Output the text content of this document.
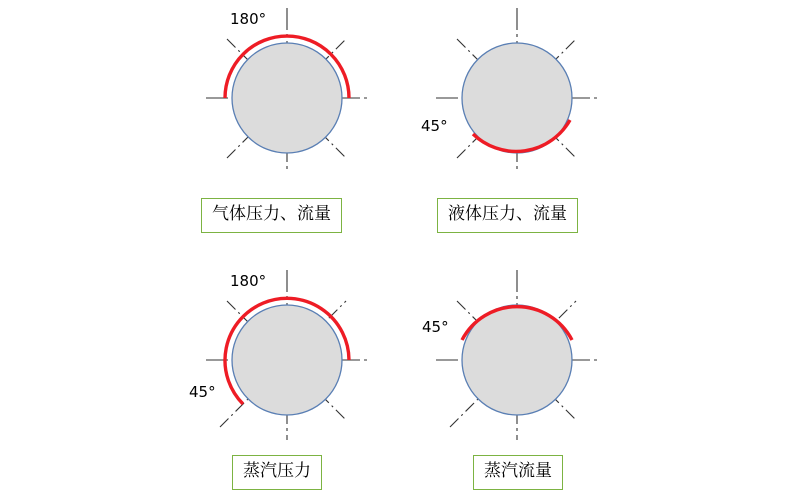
180°
气体压力、流量
45°
液体压力、流量
180°
45°
蒸汽压力
45°
蒸汽流量
